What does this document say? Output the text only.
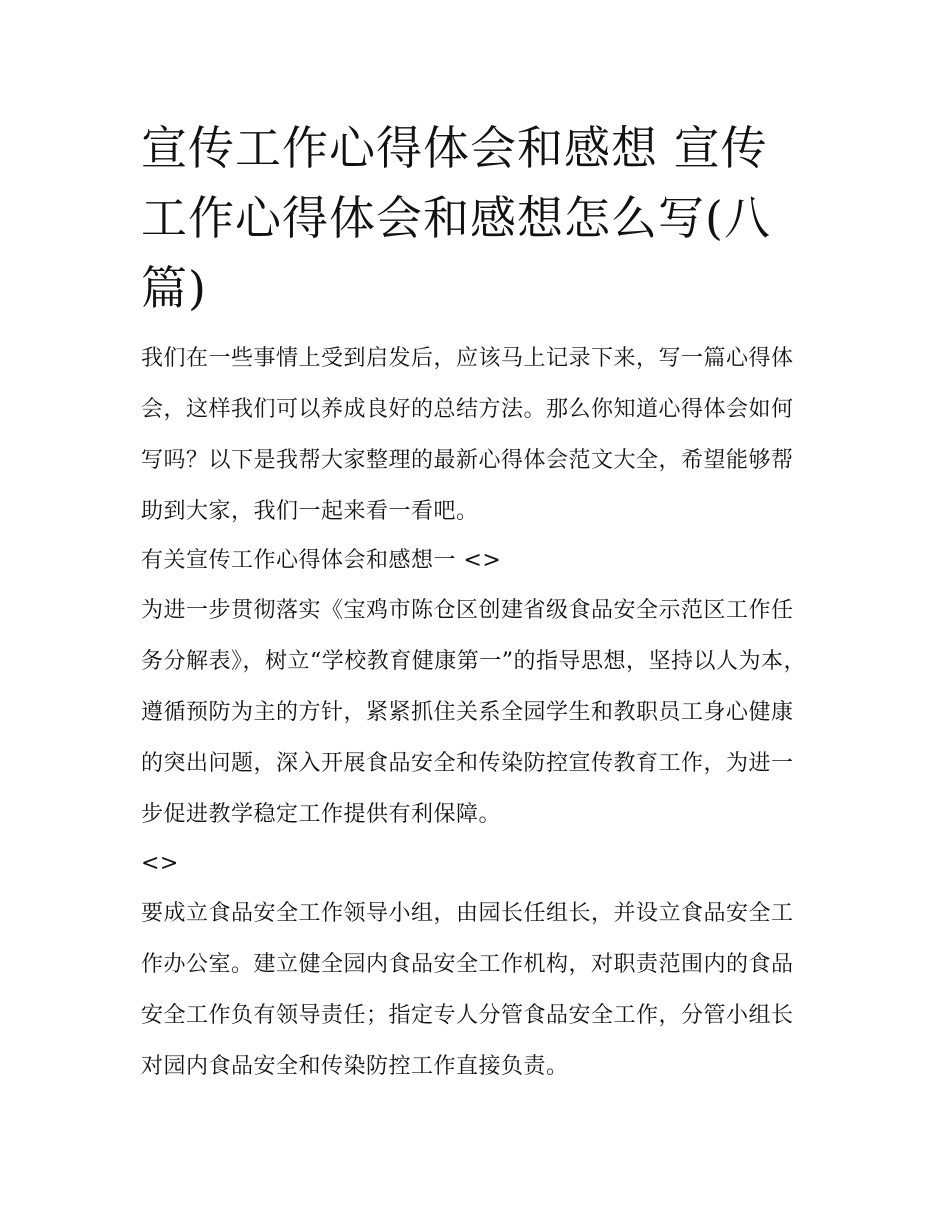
宣传工作心得体会和感想 宣传工作心得体会和感想怎么写(八篇)

我们在一些事情上受到启发后，应该马上记录下来，写一篇心得体会，这样我们可以养成良好的总结方法。那么你知道心得体会如何写吗？以下是我帮大家整理的最新心得体会范文大全，希望能够帮助到大家，我们一起来看一看吧。

有关宣传工作心得体会和感想一 <>

为进一步贯彻落实《宝鸡市陈仓区创建省级食品安全示范区工作任务分解表》，树立“学校教育健康第一”的指导思想，坚持以人为本，遵循预防为主的方针，紧紧抓住关系全园学生和教职员工身心健康的突出问题，深入开展食品安全和传染防控宣传教育工作，为进一步促进教学稳定工作提供有利保障。

<>

要成立食品安全工作领导小组，由园长任组长，并设立食品安全工作办公室。建立健全园内食品安全工作机构，对职责范围内的食品安全工作负有领导责任；指定专人分管食品安全工作，分管小组长对园内食品安全和传染防控工作直接负责。
